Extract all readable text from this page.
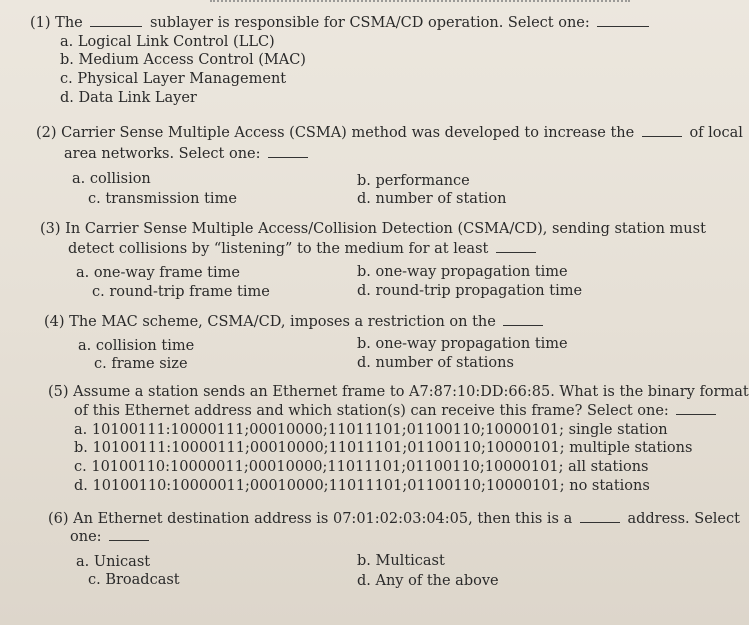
(1) The	sublayer is responsible for CSMA/CD operation. Select one:
a. Logical Link Control (LLC)
b. Medium Access Control (MAC)
c. Physical Layer Management
d. Data Link Layer
(2) Carrier Sense Multiple Access (CSMA) method was developed to increase the	of local
area networks. Select one:
a. collision	b. performance
c. transmission time	d. number of station
(3) In Carrier Sense Multiple Access/Collision Detection (CSMA/CD), sending station must
detect collisions by “listening” to the medium for at least
a. one-way frame time	b. one-way propagation time
c. round-trip frame time	d. round-trip propagation time
(4) The MAC scheme, CSMA/CD, imposes a restriction on the
a. collision time	b. one-way propagation time
c. frame size	d. number of stations
(5) Assume a station sends an Ethernet frame to A7:87:10:DD:66:85. What is the binary format
of this Ethernet address and which station(s) can receive this frame? Select one:
a. 10100111:10000111;00010000;11011101;01100110;10000101; single station
b. 10100111:10000111;00010000;11011101;01100110;10000101; multiple stations
c. 10100110:10000011;00010000;11011101;01100110;10000101; all stations
d. 10100110:10000011;00010000;11011101;01100110;10000101; no stations
(6) An Ethernet destination address is 07:01:02:03:04:05, then this is a	address. Select
one:
a. Unicast	b. Multicast
c. Broadcast	d. Any of the above
